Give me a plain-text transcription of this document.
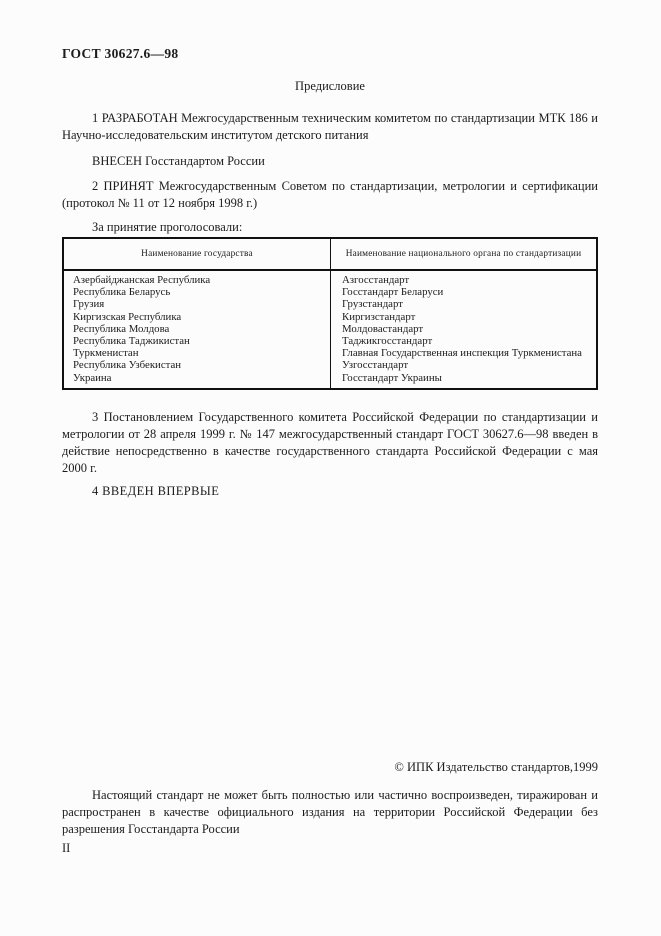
ГОСТ 30627.6—98
Предисловие

1 РАЗРАБОТАН Межгосударственным техническим комитетом по стандартизации МТК 186 и Научно-исследовательским институтом детского питания

ВНЕСЕН Госстандартом России

2 ПРИНЯТ Межгосударственным Советом по стандартизации, метрологии и сертификации (протокол № 11 от 12 ноября 1998 г.)

За принятие проголосовали:

Наименование государства	Наименование национального органа по стандартизации
Азербайджанская Республика
Республика Беларусь
Грузия
Киргизская Республика
Республика Молдова
Республика Таджикистан
Туркменистан
Республика Узбекистан
Украина
Азгосстандарт
Госстандарт Беларуси
Грузстандарт
Киргизстандарт
Молдовастандарт
Таджикгосстандарт
Главная Государственная инспекция Туркменистана
Узгосстандарт
Госстандарт Украины

3 Постановлением Государственного комитета Российской Федерации по стандартизации и метрологии от 28 апреля 1999 г. № 147 межгосударственный стандарт ГОСТ 30627.6—98 введен в действие непосредственно в качестве государственного стандарта Российской Федерации с мая 2000 г.

4 ВВЕДЕН ВПЕРВЫЕ

© ИПК Издательство стандартов,1999

Настоящий стандарт не может быть полностью или частично воспроизведен, тиражирован и распространен в качестве официального издания на территории Российской Федерации без разрешения Госстандарта России

II
